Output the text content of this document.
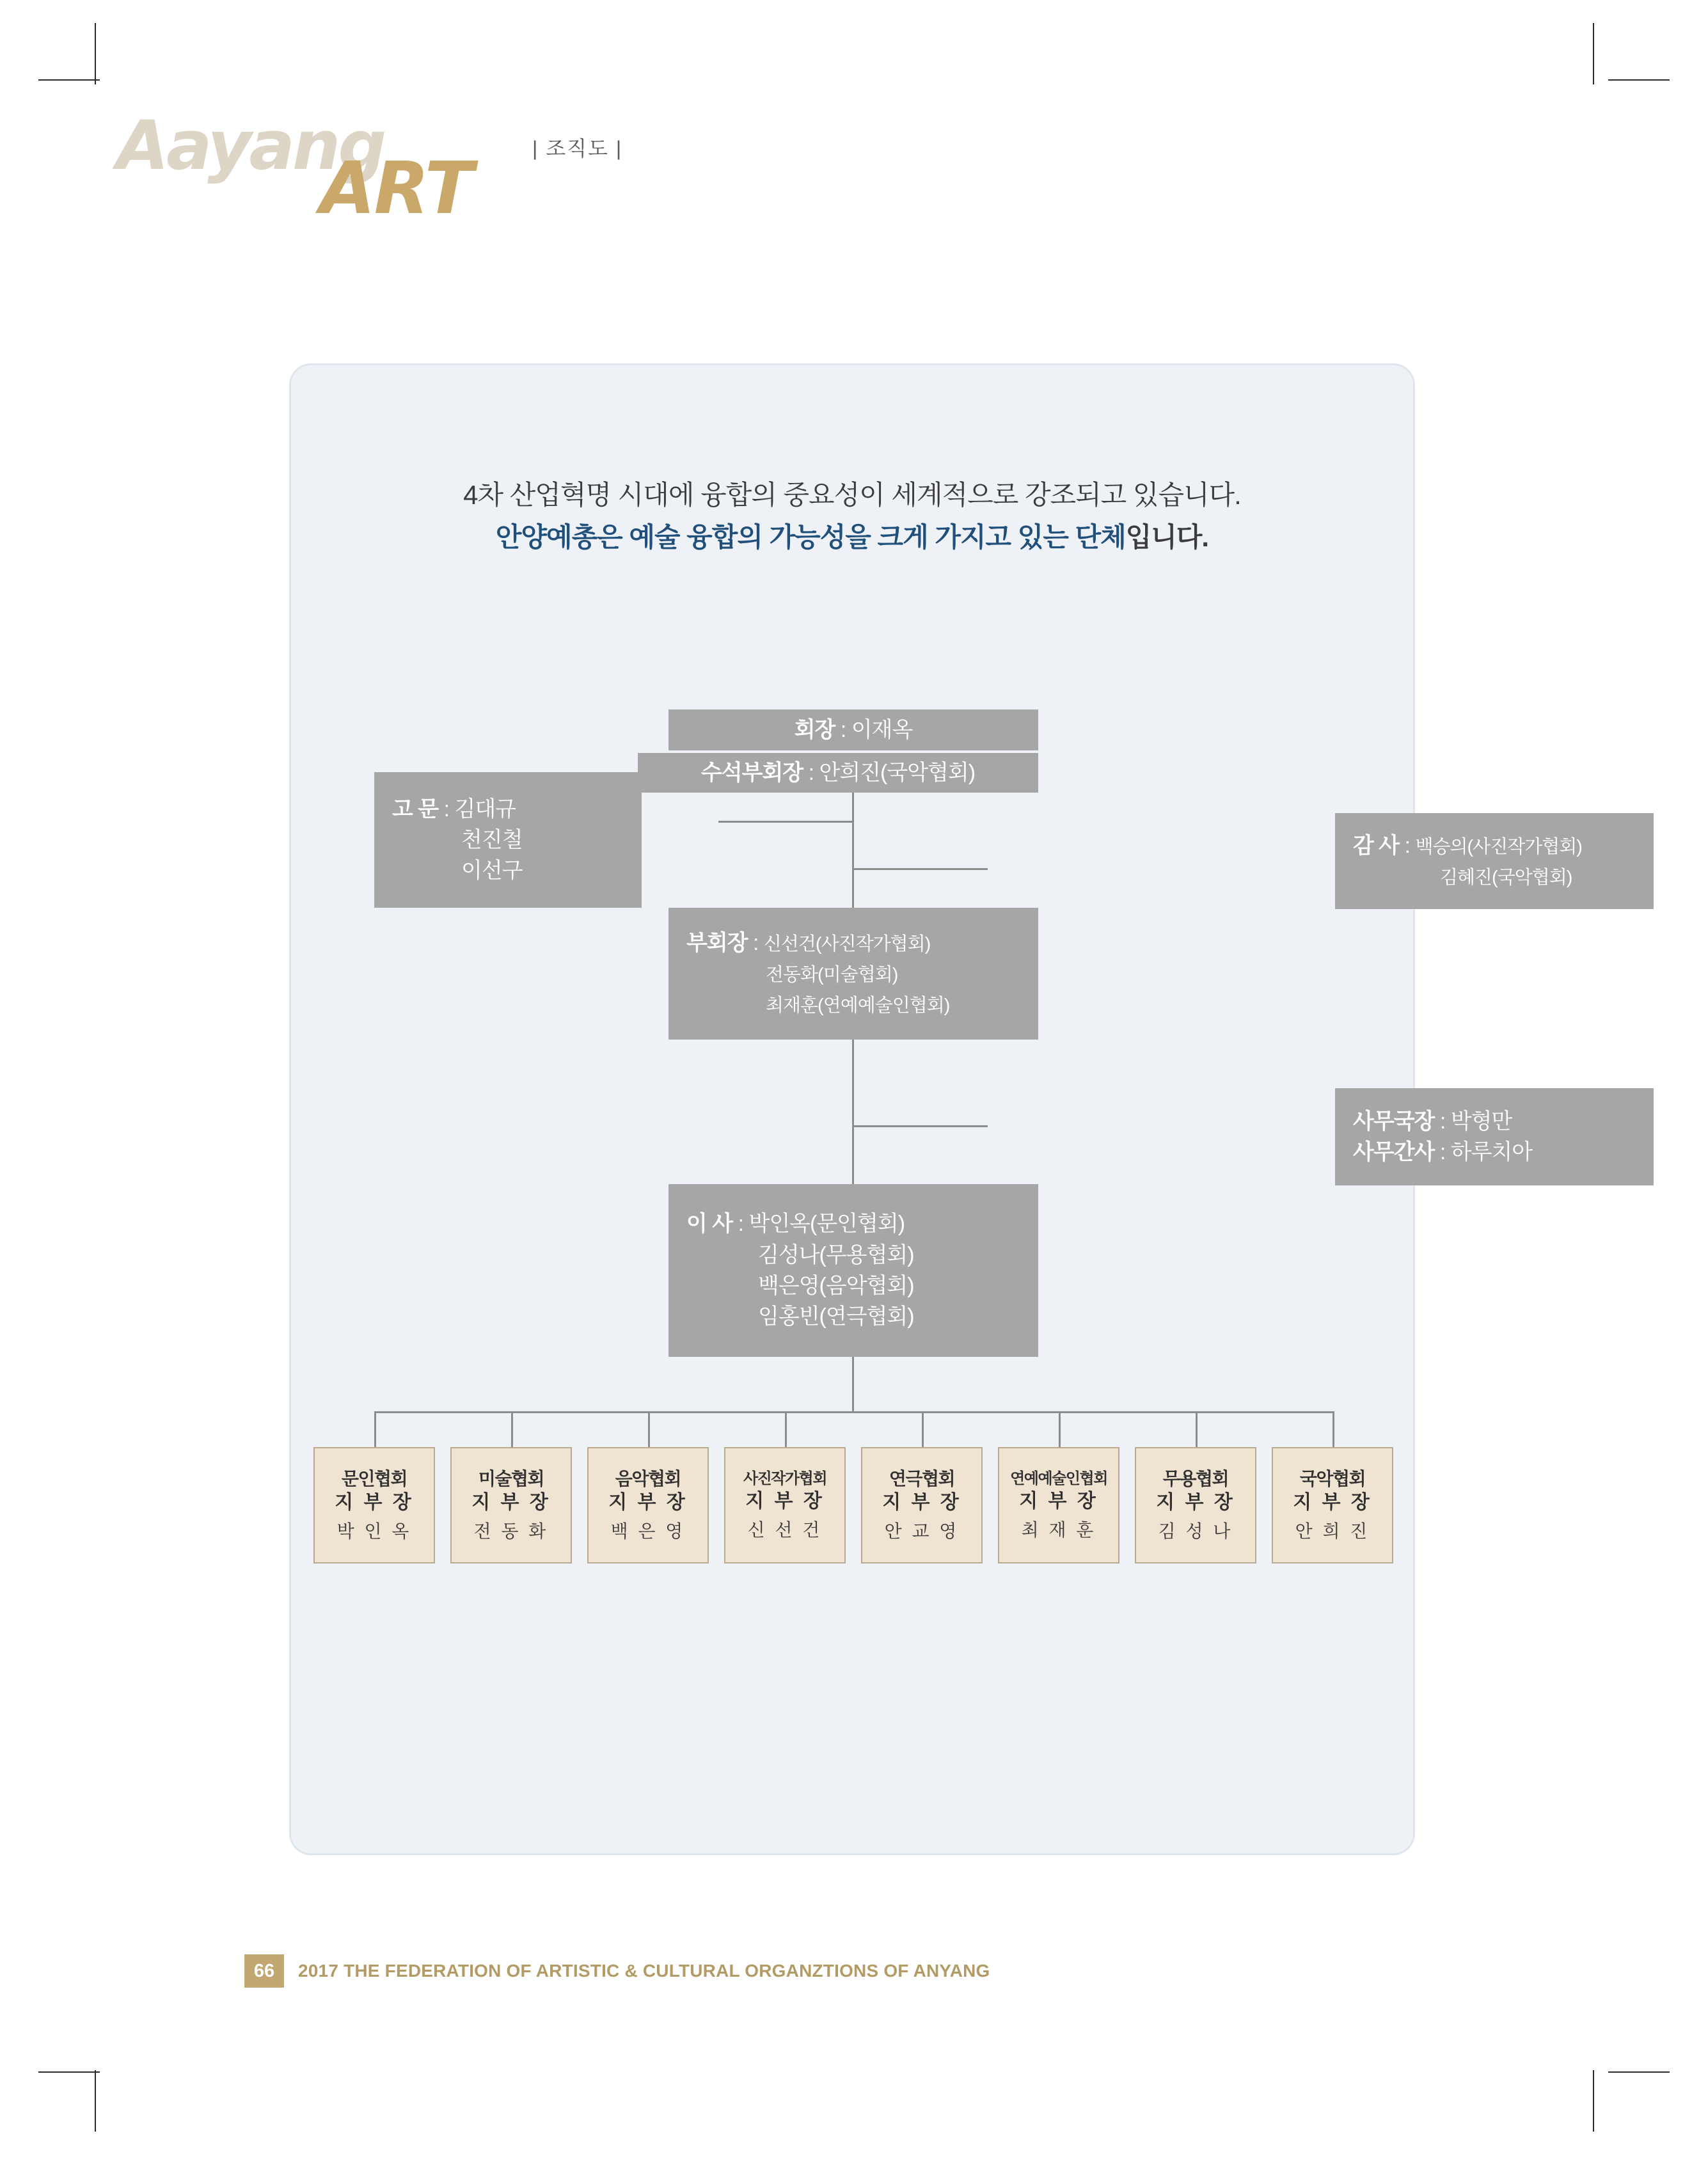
Aayang
ART	| 조직도 |
4차 산업혁명 시대에 융합의 중요성이 세계적으로 강조되고 있습니다.
안양예총은 예술 융합의 가능성을 크게 가지고 있는 단체입니다.
회장 : 이재옥
수석부회장 : 안희진(국악협회)
고 문 : 김대규
천진철
이선구
감 사 : 백승의(사진작가협회)
김혜진(국악협회)
부회장 : 신선건(사진작가협회)
전동화(미술협회)
최재훈(연예예술인협회)
사무국장 : 박형만
사무간사 : 하루치아
이 사 : 박인옥(문인협회)
김성나(무용협회)
백은영(음악협회)
임홍빈(연극협회)
문인협회
지 부 장
박 인 옥
미술협회
지 부 장
전 동 화
음악협회
지 부 장
백 은 영
사진작가협회
지 부 장
신 선 건
연극협회
지 부 장
안 교 영
연예예술인협회
지 부 장
최 재 훈
무용협회
지 부 장
김 성 나
국악협회
지 부 장
안 희 진
66	2017 THE FEDERATION OF ARTISTIC & CULTURAL ORGANZTIONS OF ANYANG
